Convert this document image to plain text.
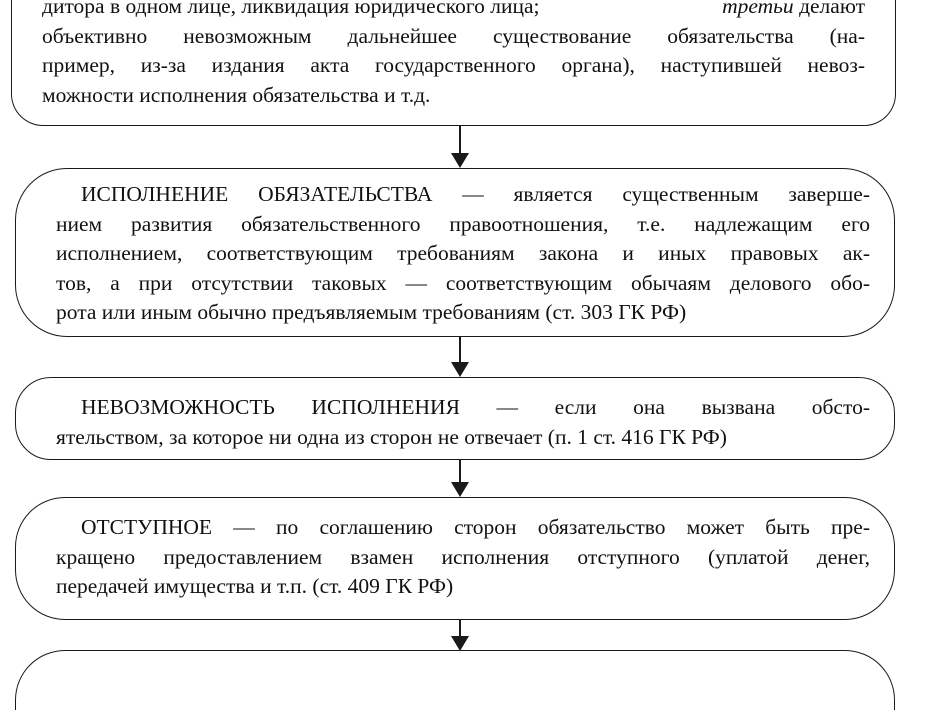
дитора в одном лице, ликвидация юридического лица;	третьи делают
объективно невозможным дальнейшее существование обязательства (на-
пример, из-за издания акта государственного органа), наступившей невоз-
можности исполнения обязательства и т.д.
ИСПОЛНЕНИЕ ОБЯЗАТЕЛЬСТВА — является существенным заверше-
нием развития обязательственного правоотношения, т.е. надлежащим его
исполнением, соответствующим требованиям закона и иных правовых ак-
тов, а при отсутствии таковых — соответствующим обычаям делового обо-
рота или иным обычно предъявляемым требованиям (ст. 303 ГК РФ)
НЕВОЗМОЖНОСТЬ ИСПОЛНЕНИЯ — если она вызвана обсто-
ятельством, за которое ни одна из сторон не отвечает (п. 1 ст. 416 ГК РФ)
ОТСТУПНОЕ — по соглашению сторон обязательство может быть пре-
кращено предоставлением взамен исполнения отступного (уплатой денег,
передачей имущества и т.п. (ст. 409 ГК РФ)
